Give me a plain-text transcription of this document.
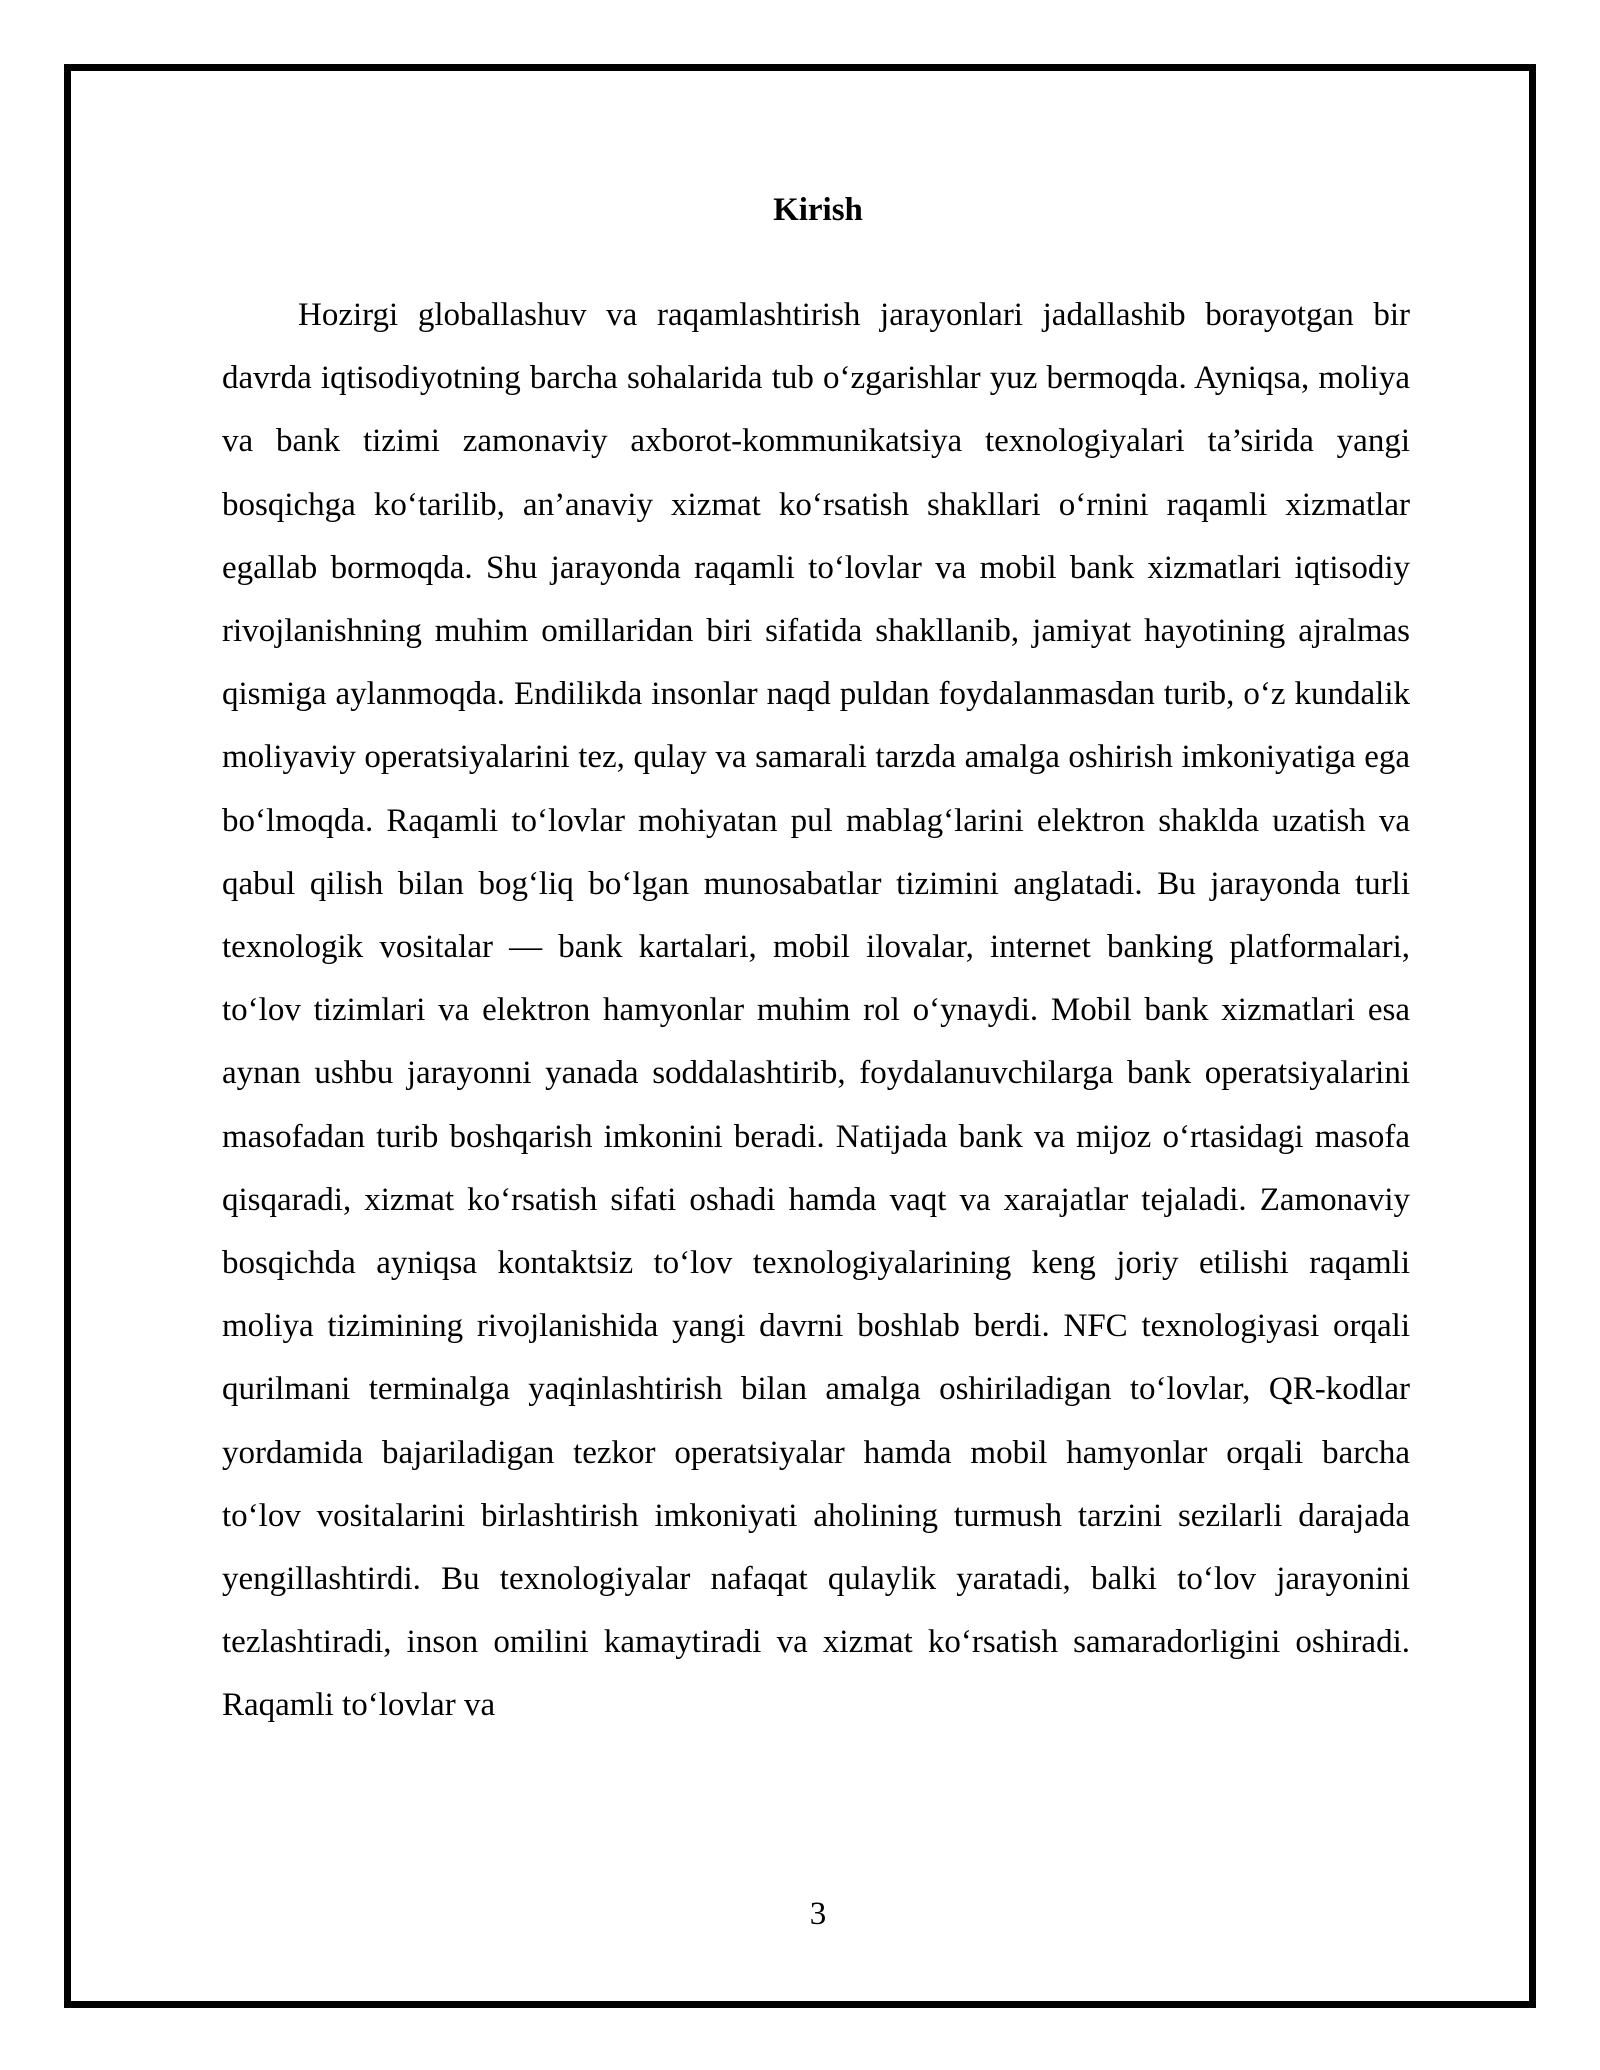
Kirish

Hozirgi globallashuv va raqamlashtirish jarayonlari jadallashib borayotgan bir davrda iqtisodiyotning barcha sohalarida tub o‘zgarishlar yuz bermoqda. Ayniqsa, moliya va bank tizimi zamonaviy axborot-kommunikatsiya texnologiyalari ta’sirida yangi bosqichga ko‘tarilib, an’anaviy xizmat ko‘rsatish shakllari o‘rnini raqamli xizmatlar egallab bormoqda. Shu jarayonda raqamli to‘lovlar va mobil bank xizmatlari iqtisodiy rivojlanishning muhim omillaridan biri sifatida shakllanib, jamiyat hayotining ajralmas qismiga aylanmoqda. Endilikda insonlar naqd puldan foydalanmasdan turib, o‘z kundalik moliyaviy operatsiyalarini tez, qulay va samarali tarzda amalga oshirish imkoniyatiga ega bo‘lmoqda. Raqamli to‘lovlar mohiyatan pul mablag‘larini elektron shaklda uzatish va qabul qilish bilan bog‘liq bo‘lgan munosabatlar tizimini anglatadi. Bu jarayonda turli texnologik vositalar — bank kartalari, mobil ilovalar, internet banking platformalari, to‘lov tizimlari va elektron hamyonlar muhim rol o‘ynaydi. Mobil bank xizmatlari esa aynan ushbu jarayonni yanada soddalashtirib, foydalanuvchilarga bank operatsiyalarini masofadan turib boshqarish imkonini beradi. Natijada bank va mijoz o‘rtasidagi masofa qisqaradi, xizmat ko‘rsatish sifati oshadi hamda vaqt va xarajatlar tejaladi. Zamonaviy bosqichda ayniqsa kontaktsiz to‘lov texnologiyalarining keng joriy etilishi raqamli moliya tizimining rivojlanishida yangi davrni boshlab berdi. NFC texnologiyasi orqali qurilmani terminalga yaqinlashtirish bilan amalga oshiriladigan to‘lovlar, QR-kodlar yordamida bajariladigan tezkor operatsiyalar hamda mobil hamyonlar orqali barcha to‘lov vositalarini birlashtirish imkoniyati aholining turmush tarzini sezilarli darajada yengillashtirdi. Bu texnologiyalar nafaqat qulaylik yaratadi, balki to‘lov jarayonini tezlashtiradi, inson omilini kamaytiradi va xizmat ko‘rsatish samaradorligini oshiradi. Raqamli to‘lovlar va

3
